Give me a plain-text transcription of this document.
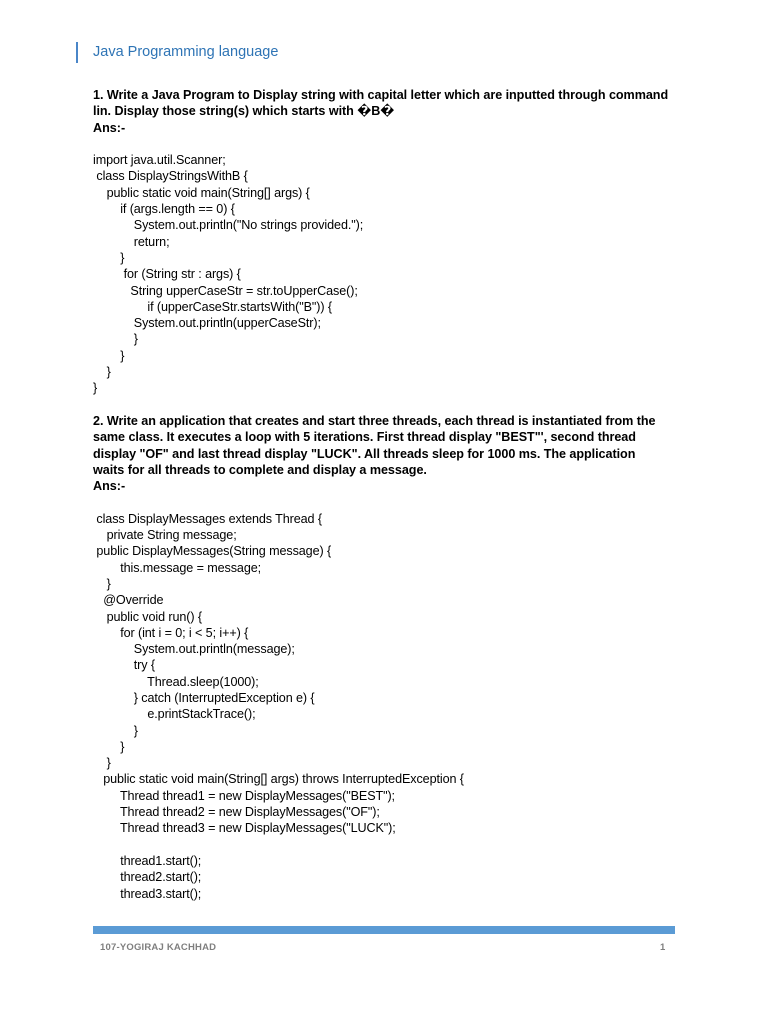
Java Programming language
1. Write a Java Program to Display string with capital letter which are inputted through command
lin. Display those string(s) which starts with �B�
Ans:-

import java.util.Scanner;
class DisplayStringsWithB {
public static void main(String[] args) {
if (args.length == 0) {
System.out.println("No strings provided.");
return;
}
for (String str : args) {
String upperCaseStr = str.toUpperCase();
if (upperCaseStr.startsWith("B")) {
System.out.println(upperCaseStr);
}
}
}
}

2. Write an application that creates and start three threads, each thread is instantiated from the
same class. It executes a loop with 5 iterations. First thread display "BEST"', second thread
display "OF" and last thread display "LUCK". All threads sleep for 1000 ms. The application
waits for all threads to complete and display a message.
Ans:-

class DisplayMessages extends Thread {
private String message;
public DisplayMessages(String message) {
this.message = message;
}
@Override
public void run() {
for (int i = 0; i < 5; i++) {
System.out.println(message);
try {
Thread.sleep(1000);
} catch (InterruptedException e) {
e.printStackTrace();
}
}
}
public static void main(String[] args) throws InterruptedException {
Thread thread1 = new DisplayMessages("BEST");
Thread thread2 = new DisplayMessages("OF");
Thread thread3 = new DisplayMessages("LUCK");

thread1.start();
thread2.start();
thread3.start();
107-YOGIRAJ KACHHAD	1
